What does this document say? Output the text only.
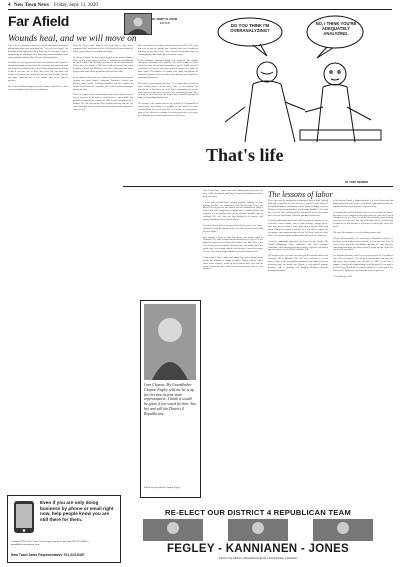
4 New Town News Friday, Sept. 11, 2020
Far Afield	BY JERRY W. KRAM
EDITOR
Wounds heal, and we will move on
I see a lot of comments around the internet and among 'defenders' talking hours that most something like, "we will never forget" the devastation that happened in New York City 19 years ago. I hope it is something we will forget, or at least stop commemorating it fairly soon, probably within another 20 years. Thank goodness.

September 11 was a grievous wound to our national soul. It struck at our national image of ourselves at the most powerful nation on earth and a light for freedom seekers. It is a thing about wounds, though, is that if you take care of them, they heal. The sun shone still outside and it may ache during the cold and lonely hours, but the sun, upon, shattering into a new wonder false to the state of memory.

One of the healthiest things about the country is that that we have never memorialized our defeats and disasters.
Even the "Lost Cause" myth of the South that we have never maintained the Confederacy for the Civil War not so much about the defeat, but the glory of a war that was fought.

We do not celebrate the day of great tragedy in our nation's history. There are few if any services on Nov. 22 dedicated to remembering the day in which John Kennedy was shot or Lincoln's assassination. Nearly there is a person in 2020 that could tell you the date when President Garfield and McKinley were shot. Hurricanes and many people could name all the presidents who have been shot.

In my lifetime, there have been many other disasters affecting the country: new space shuttle explosions, Hurricanes Andrew and Katrina, many deadly California wildfires and the eruption of Mount Saint Helens. We remember, but we don't let those memories dictate our lives.

There are cultures whose national days mark great defeats and the loss of freedom. Serbs come to mind because a great battle that basically devastated the country in 1389 is still remembered as a holiday. The 700 years people have mourned that day and the 700 years that region of the world has been the tinder that has ignited the flames of war.
More news those who explored the pain and fear on 9/11. They used that fear to pass an agenda that wouldn't have been considered seriously at any other time. They wanted our national unity by chasing ghosts while letting the real villains escape.

In the meantime, important things were forgotten. The military emergency responders who rushed to the scene headless of their own safety have had to fight desperately to get the health care they would have received in any other civilized country as a matter of basic rights. The families of victims who spoke out against the disastrous measures that were taken after that day were ignored or sometimes demonized.

We became a sad country after Sept. 11, a country that was sick at heart. Finally, after a decade and a half, we are healing. The resentments of that horror are dead. Their organizations are on the ropes and are being routed out to the few remaining holdouts. But, all in all, of our servicemen and women have returned home and no longer fear spreading deployment.

We became a sad country and we are healing. It is impossible to entirely heal old wounds. It is possible to heal and not let those wounds dictate the rest of your life. As a people, we are healing. I hope we are allowed to continue recovering and move on to meet the challenges of the future without fear in our hearts.
DO YOU THINK I'M OVERANALYZING?
NO, I THINK YOU'RE ADEQUATELY ANALYZING.
That's life
BY TONY BENDER
Over Labor Day I spent some time thinking about the jobs I've done, skills I developed, and things I learned, including how much a body can endure.

I never had a Huckleberry sawdust bedtime, hauling or rock-picking, but there was satisfaction when that last load of hay was hauled, the hay mowed was packed, and the frustration of losing a load of hay while navigating a cowpath with a wobbly flatbed, was forgotten. As for picking rocks on our Grandpa Jordahl's farm in Goddard, ND, well, they just kept holding to the surface each spring. Satisfaction never entered into it.

I learned how to drive a tractor, build and fix fences, feed calves, and how to wash the bottom of the cow when an ornery heifer had me in its sights.

One summer I hired on with Tom Stein, who farmed north of Frederick, ND, and I became convinced that his new Case 1070 was about the most powerful tractor that could ever be built. Now, when I see one they just look small. I buried it once, and another time beat up the dog I was towing behind a disc because I turned too sharp. For that, I received a tongue lashing of merciless but deserved.

I discovered I liked cutting and raking hay and swathing barley despite the irritation of having to replace broken sections with a chisel when someone wised up and decided rivets were not the answer. It gave me time to think, but it was too long a drive to clear my head.
The lessons of labor
Then, there was the satisfaction of finishing a field of flash, looking back and seeing that the rows weren't as crooked as the path of a disciplined Johnston, sanctifying a Holt's Jimmy Kettridge nearly to his knees. Hard-working brother, our Grandpa Jordahl, Jr. In a dark hill. I was the chief chicken catcher and general cleaner. It couldn't have been too bad because I still like grandpa's and his son.

I learned rudimentary mechanical skills as a grease monkey for the Frederick Conoco station, how to pack bearings, change grease, track tires, and even that it was a good idea to plug the drain plug before filling the crankcase with oil. So I was able to replace the fuel pump, water pump and more on my '64 Chevy, however, these days I no longer recognize anything under the hood, so I outsource.

I was the commander that made the boxes for 4g—Schiller Mr. Johnny Millspaugh, Rick Schlensker, and more younger; sometimes, while moving them from a bleak, I figured it out Johnny and let me guess, but I still like with Mrs. Kub.

The toughest job I ever had was tearing up the railroad tracks from Aberdeen, SD to Ellendale, ND. One crew consisted of a truck driver, a man on the cherry-picker mounted to the flatbed, and four grown-up guys for buddy Jon Witzka, a rock-and-roll garbage guitarist, with a grinning and dangling Marlboro cigarette permanently affixed
to his lips and Randy, a Baptist preacher. I've since discovered that Baptist preachers often have a wide hustle, apparently because the Baptists don't like their preachers to get too curly.

I remember the first hot half day when we were outside the station. My arms were so exhausted from nerves that the entire day I feared I might lose the air. Then, we loaded them and they were heading some more ties up to the line, but as the day trod on, everyone had to squat on the job and after a few hours we had to give up for the break.

The end of the summer, we were walking wooden ribs.

We got efficient quickly—we moved up to 70 bundles in a day—so the boss, an old dragline from Colorado, cut our pay from 15 to 10 cents a tie per guard after the dragline got paid. As I said, you learn some things along the way about yourself, people and the world. He was a devil; not a devil.

I've forgotten his name, but if it ever comes back to me, I'm going to drive out to Evergreen, CO, and go in and ask him if the pay was still better than anything else out there in 1980, or too bad. I suppose I could send a simple thing by telling myself I was paid to get hired, but I'd still like to push the point of it on his grave. I've learned a lot, but I haven't perfected the art of forgiveness.

© Tony Bender, 2020
I am Clayton, My Grandfather Clayton Fegley tells me he is up for election at your state representative. I think it would be great if you voted for him. You bet and will the District 4 Republicans.
Paid for by Friends of Clayton Fegley
Even if you are only doing business by phone or email right now, help people know you are still there for them.
Contact NTN at New Town News to get your ad on the map 701-627-4829 or ntnads@newtownnews.com
New Town Sales Representative 701-223-6397
RE-ELECT OUR DISTRICT 4 REPUBLICAN TEAM
FEGLEY - KANNIANEN - JONES
Paid for by District 4 Republican Party, Chuck Walen, Chairman
